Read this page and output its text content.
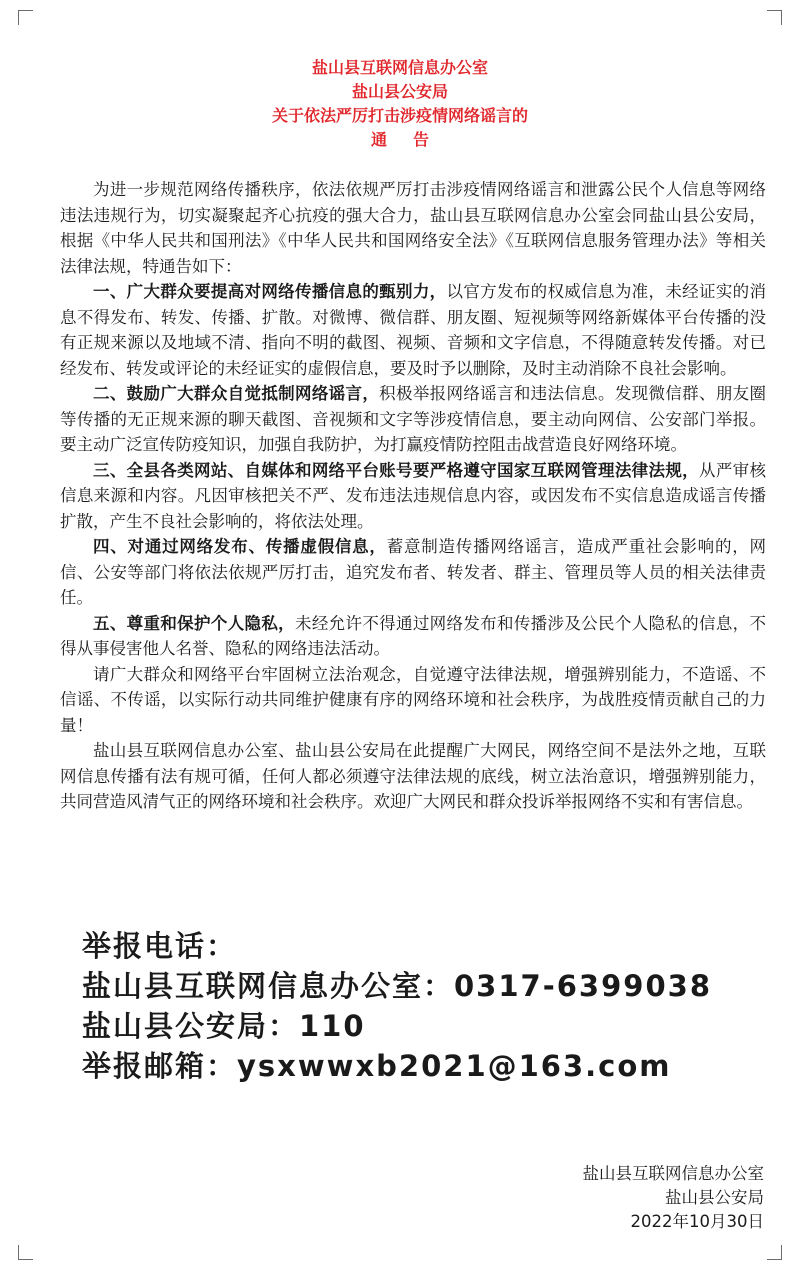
盐山县互联网信息办公室
盐山县公安局
关于依法严厉打击涉疫情网络谣言的
通告

为进一步规范网络传播秩序，依法依规严厉打击涉疫情网络谣言和泄露公民个人信息等网络违法违规行为，切实凝聚起齐心抗疫的强大合力，盐山县互联网信息办公室会同盐山县公安局，根据《中华人民共和国刑法》《中华人民共和国网络安全法》《互联网信息服务管理办法》等相关法律法规，特通告如下：

一、广大群众要提高对网络传播信息的甄别力，以官方发布的权威信息为准，未经证实的消息不得发布、转发、传播、扩散。对微博、微信群、朋友圈、短视频等网络新媒体平台传播的没有正规来源以及地域不清、指向不明的截图、视频、音频和文字信息，不得随意转发传播。对已经发布、转发或评论的未经证实的虚假信息，要及时予以删除，及时主动消除不良社会影响。

二、鼓励广大群众自觉抵制网络谣言，积极举报网络谣言和违法信息。发现微信群、朋友圈等传播的无正规来源的聊天截图、音视频和文字等涉疫情信息，要主动向网信、公安部门举报。要主动广泛宣传防疫知识，加强自我防护，为打赢疫情防控阻击战营造良好网络环境。

三、全县各类网站、自媒体和网络平台账号要严格遵守国家互联网管理法律法规，从严审核信息来源和内容。凡因审核把关不严、发布违法违规信息内容，或因发布不实信息造成谣言传播扩散，产生不良社会影响的，将依法处理。

四、对通过网络发布、传播虚假信息，蓄意制造传播网络谣言，造成严重社会影响的，网信、公安等部门将依法依规严厉打击，追究发布者、转发者、群主、管理员等人员的相关法律责任。

五、尊重和保护个人隐私，未经允许不得通过网络发布和传播涉及公民个人隐私的信息，不得从事侵害他人名誉、隐私的网络违法活动。

请广大群众和网络平台牢固树立法治观念，自觉遵守法律法规，增强辨别能力，不造谣、不信谣、不传谣，以实际行动共同维护健康有序的网络环境和社会秩序，为战胜疫情贡献自己的力量！

盐山县互联网信息办公室、盐山县公安局在此提醒广大网民，网络空间不是法外之地，互联网信息传播有法有规可循，任何人都必须遵守法律法规的底线，树立法治意识，增强辨别能力，共同营造风清气正的网络环境和社会秩序。欢迎广大网民和群众投诉举报网络不实和有害信息。

举报电话：
盐山县互联网信息办公室：0317-6399038
盐山县公安局：110
举报邮箱：ysxwwxb2021@163.com
盐山县互联网信息办公室
盐山县公安局
2022年10月30日
